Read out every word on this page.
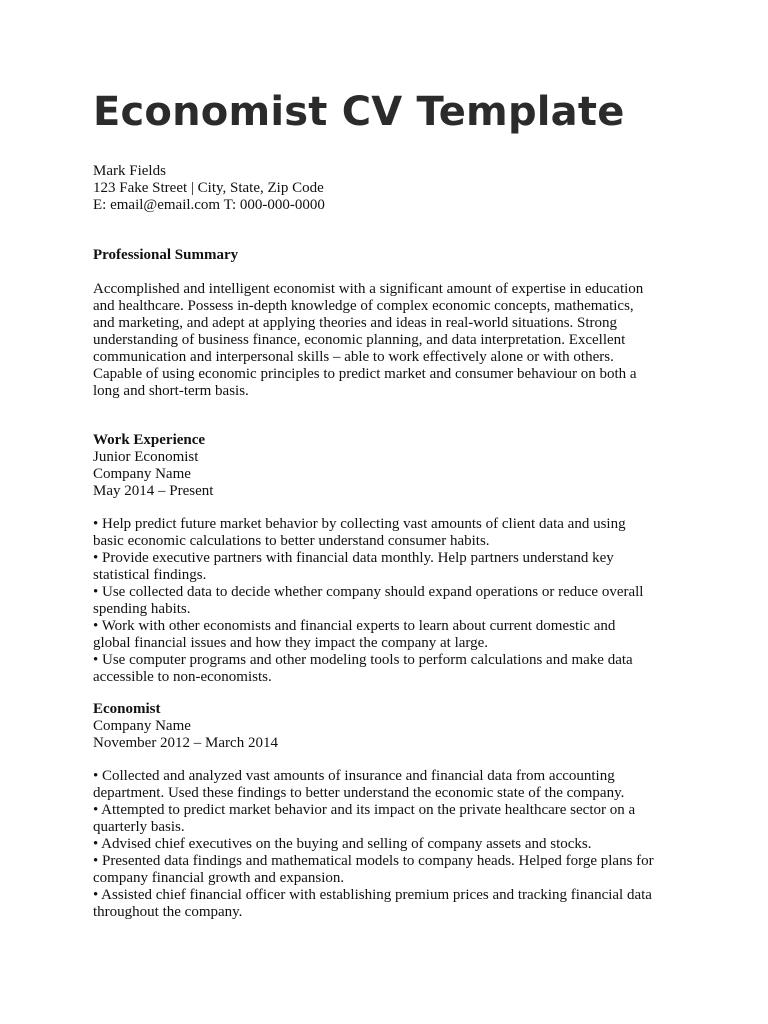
Economist CV Template
Mark Fields
123 Fake Street | City, State, Zip Code
E: email@email.com T: 000-000-0000
Professional Summary
Accomplished and intelligent economist with a significant amount of expertise in education
and healthcare. Possess in-depth knowledge of complex economic concepts, mathematics,
and marketing, and adept at applying theories and ideas in real-world situations. Strong
understanding of business finance, economic planning, and data interpretation. Excellent
communication and interpersonal skills – able to work effectively alone or with others.
Capable of using economic principles to predict market and consumer behaviour on both a
long and short-term basis.
Work Experience
Junior Economist
Company Name
May 2014 – Present
• Help predict future market behavior by collecting vast amounts of client data and using
basic economic calculations to better understand consumer habits.
• Provide executive partners with financial data monthly. Help partners understand key
statistical findings.
• Use collected data to decide whether company should expand operations or reduce overall
spending habits.
• Work with other economists and financial experts to learn about current domestic and
global financial issues and how they impact the company at large.
• Use computer programs and other modeling tools to perform calculations and make data
accessible to non-economists.
Economist
Company Name
November 2012 – March 2014
• Collected and analyzed vast amounts of insurance and financial data from accounting
department. Used these findings to better understand the economic state of the company.
• Attempted to predict market behavior and its impact on the private healthcare sector on a
quarterly basis.
• Advised chief executives on the buying and selling of company assets and stocks.
• Presented data findings and mathematical models to company heads. Helped forge plans for
company financial growth and expansion.
• Assisted chief financial officer with establishing premium prices and tracking financial data
throughout the company.
